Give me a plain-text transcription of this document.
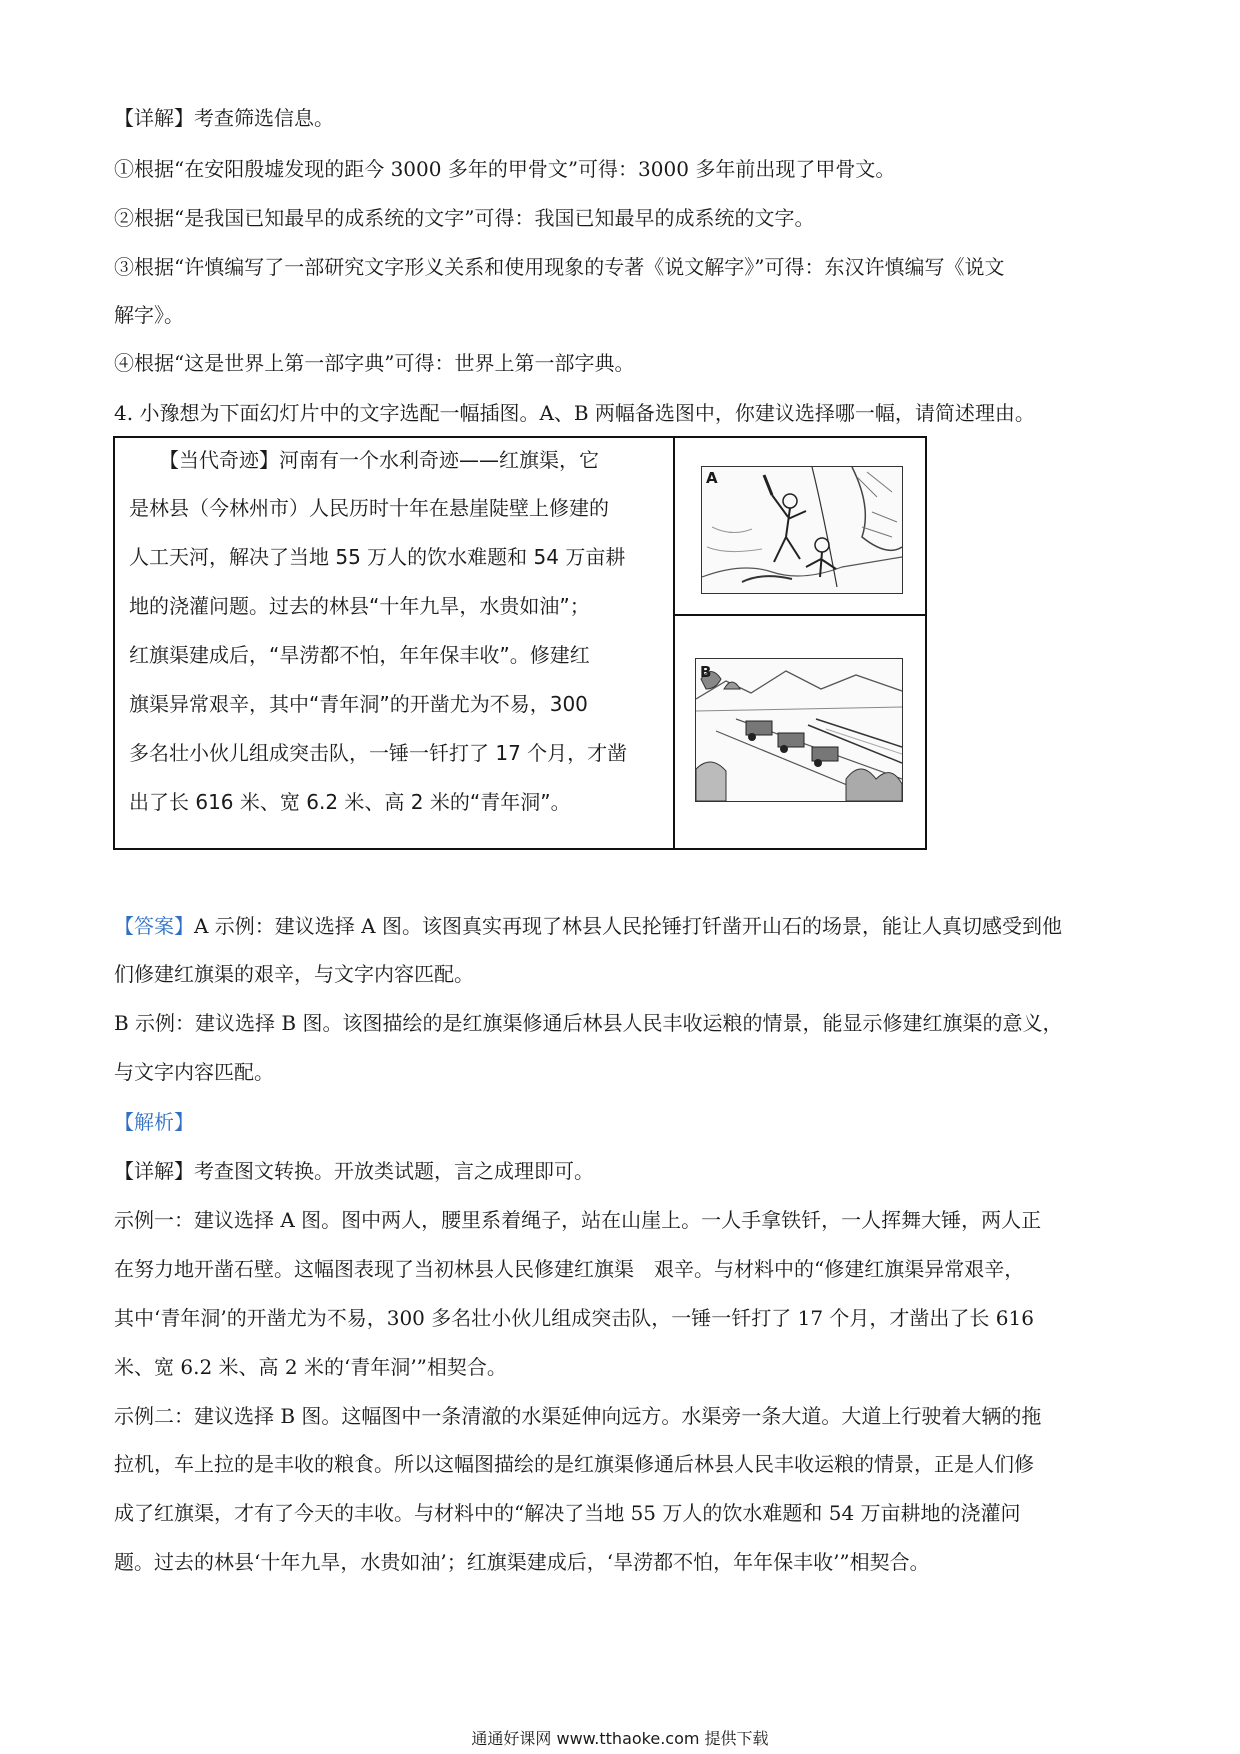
【详解】考查筛选信息。
①根据“在安阳殷墟发现的距今 3000 多年的甲骨文”可得：3000 多年前出现了甲骨文。
②根据“是我国已知最早的成系统的文字”可得：我国已知最早的成系统的文字。
③根据“许慎编写了一部研究文字形义关系和使用现象的专著《说文解字》”可得：东汉许慎编写《说文
解字》。
④根据“这是世界上第一部字典”可得：世界上第一部字典。
4. 小豫想为下面幻灯片中的文字选配一幅插图。A、B 两幅备选图中，你建议选择哪一幅，请简述理由。
　　【当代奇迹】河南有一个水利奇迹——红旗渠，它
是林县（今林州市）人民历时十年在悬崖陡壁上修建的
人工天河，解决了当地 55 万人的饮水难题和 54 万亩耕
地的浇灌问题。过去的林县“十年九旱，水贵如油”；
红旗渠建成后，“旱涝都不怕，年年保丰收”。修建红
旗渠异常艰辛，其中“青年洞”的开凿尤为不易，300
多名壮小伙儿组成突击队，一锤一钎打了 17 个月，才凿
出了长 616 米、宽 6.2 米、高 2 米的“青年洞”。
A
B
【答案】A 示例：建议选择 A 图。该图真实再现了林县人民抡锤打钎凿开山石的场景，能让人真切感受到他
们修建红旗渠的艰辛，与文字内容匹配。
B 示例：建议选择 B 图。该图描绘的是红旗渠修通后林县人民丰收运粮的情景，能显示修建红旗渠的意义，
与文字内容匹配。
【解析】
【详解】考查图文转换。开放类试题，言之成理即可。
示例一：建议选择 A 图。图中两人，腰里系着绳子，站在山崖上。一人手拿铁钎，一人挥舞大锤，两人正
在努力地开凿石壁。这幅图表现了当初林县人民修建红旗渠　艰辛。与材料中的“修建红旗渠异常艰辛，
其中‘青年洞’的开凿尤为不易，300 多名壮小伙儿组成突击队，一锤一钎打了 17 个月，才凿出了长 616
米、宽 6.2 米、高 2 米的‘青年洞’”相契合。
示例二：建议选择 B 图。这幅图中一条清澈的水渠延伸向远方。水渠旁一条大道。大道上行驶着大辆的拖
拉机，车上拉的是丰收的粮食。所以这幅图描绘的是红旗渠修通后林县人民丰收运粮的情景，正是人们修
成了红旗渠，才有了今天的丰收。与材料中的“解决了当地 55 万人的饮水难题和 54 万亩耕地的浇灌问
题。过去的林县‘十年九旱，水贵如油’；红旗渠建成后，‘旱涝都不怕，年年保丰收’”相契合。
通通好课网 www.tthaoke.com 提供下载
